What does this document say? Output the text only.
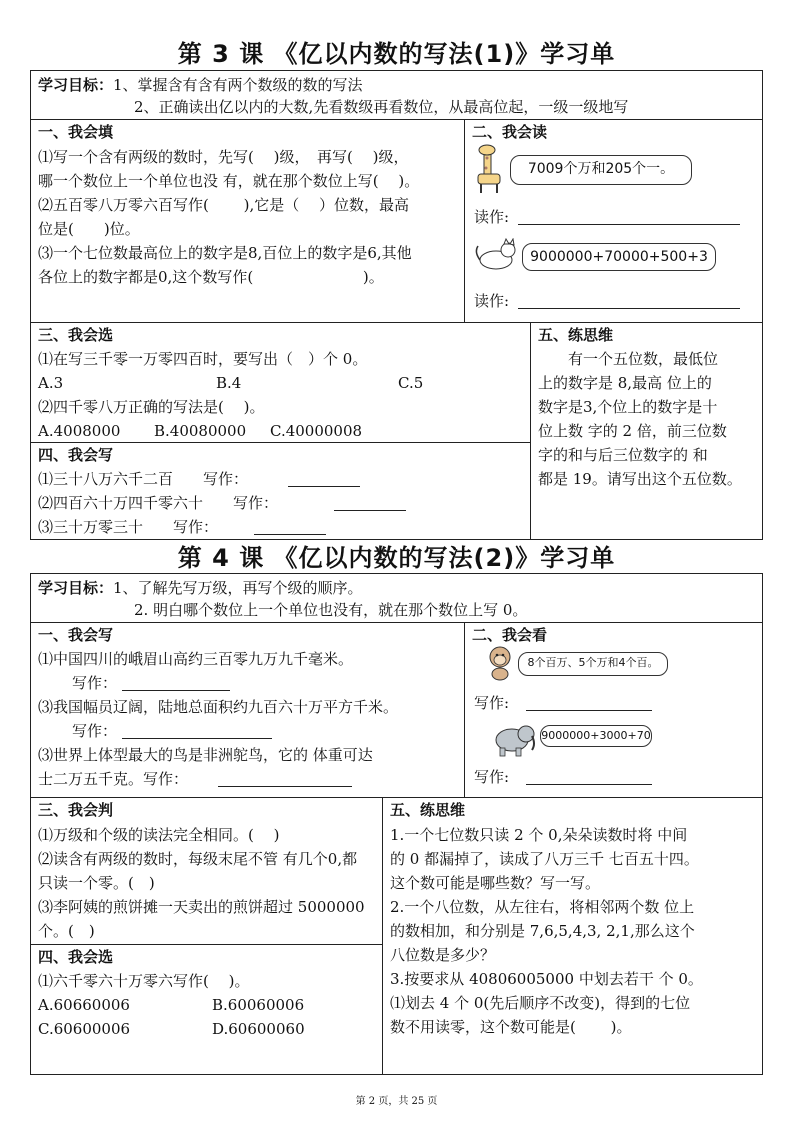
第 3 课 《亿以内数的写法(1)》学习单
学习目标：1、掌握含有含有两个数级的数的写法
2、正确读出亿以内的大数,先看数级再看数位，从最高位起，一级一级地写
一、我会填
⑴写一个含有两级的数时，先写(　 )级，　再写(　 )级，
哪一个数位上一个单位也没 有，就在那个数位上写(　 )。
⑵五百零八万零六百写作(　　 ),它是（　 ）位数，最高
位是(　　)位。
⑶一个七位数最高位上的数字是8,百位上的数字是6,其他
各位上的数字都是0,这个数写作(　　　　　　　 )。
二、我会读
7009个万和205个一。
读作:
9000000+70000+500+3
读作:
三、我会选
⑴在写三千零一万零四百时，要写出（　）个 0。
A.3	B.4	C.5
⑵四千零八万正确的写法是(　 )。
A.4008000 B.40080000 C.40000008
四、我会写
⑴三十八万六千二百　　写作：
⑵四百六十万四千零六十　　写作：
⑶三十万零三十　　写作：
五、练思维
　　有一个五位数，最低位
上的数字是 8,最高 位上的
数字是3,个位上的数字是十
位上数 字的 2 倍，前三位数
字的和与后三位数字的 和
都是 19。请写出这个五位数。
第 4 课 《亿以内数的写法(2)》学习单
学习目标：1、了解先写万级，再写个级的顺序。
2. 明白哪个数位上一个单位也没有，就在那个数位上写 0。
一、我会写
⑴中国四川的峨眉山高约三百零九万九千毫米。
写作：
⑶我国幅员辽阔，陆地总面积约九百六十万平方千米。
写作：
⑶世界上体型最大的鸟是非洲鸵鸟，它的 体重可达
士二万五千克。写作：
二、我会看
8个百万、5个万和4个百。
写作:
9000000+3000+70
写作:
三、我会判
⑴万级和个级的读法完全相同。(　 )
⑵读含有两级的数时，每级末尾不管 有几个0,都
只读一个零。(　)
⑶李阿姨的煎饼摊一天卖出的煎饼超过 5000000
个。(　)
四、我会选
⑴六千零六十万零六写作(　 )。
A.60660006	B.60060006
C.60600006	D.60600060
五、练思维
1.一个七位数只读 2 个 0,朵朵读数时将 中间
的 0 都漏掉了，读成了八万三千 七百五十四。
这个数可能是哪些数？写一写。
2.一个八位数，从左往右，将相邻两个数 位上
的数相加，和分别是 7,6,5,4,3, 2,1,那么这个
八位数是多少？
3.按要求从 40806005000 中划去若干 个 0。
⑴划去 4 个 0(先后顺序不改变)，得到的七位
数不用读零，这个数可能是(　　 )。
第 2 页，共 25 页
